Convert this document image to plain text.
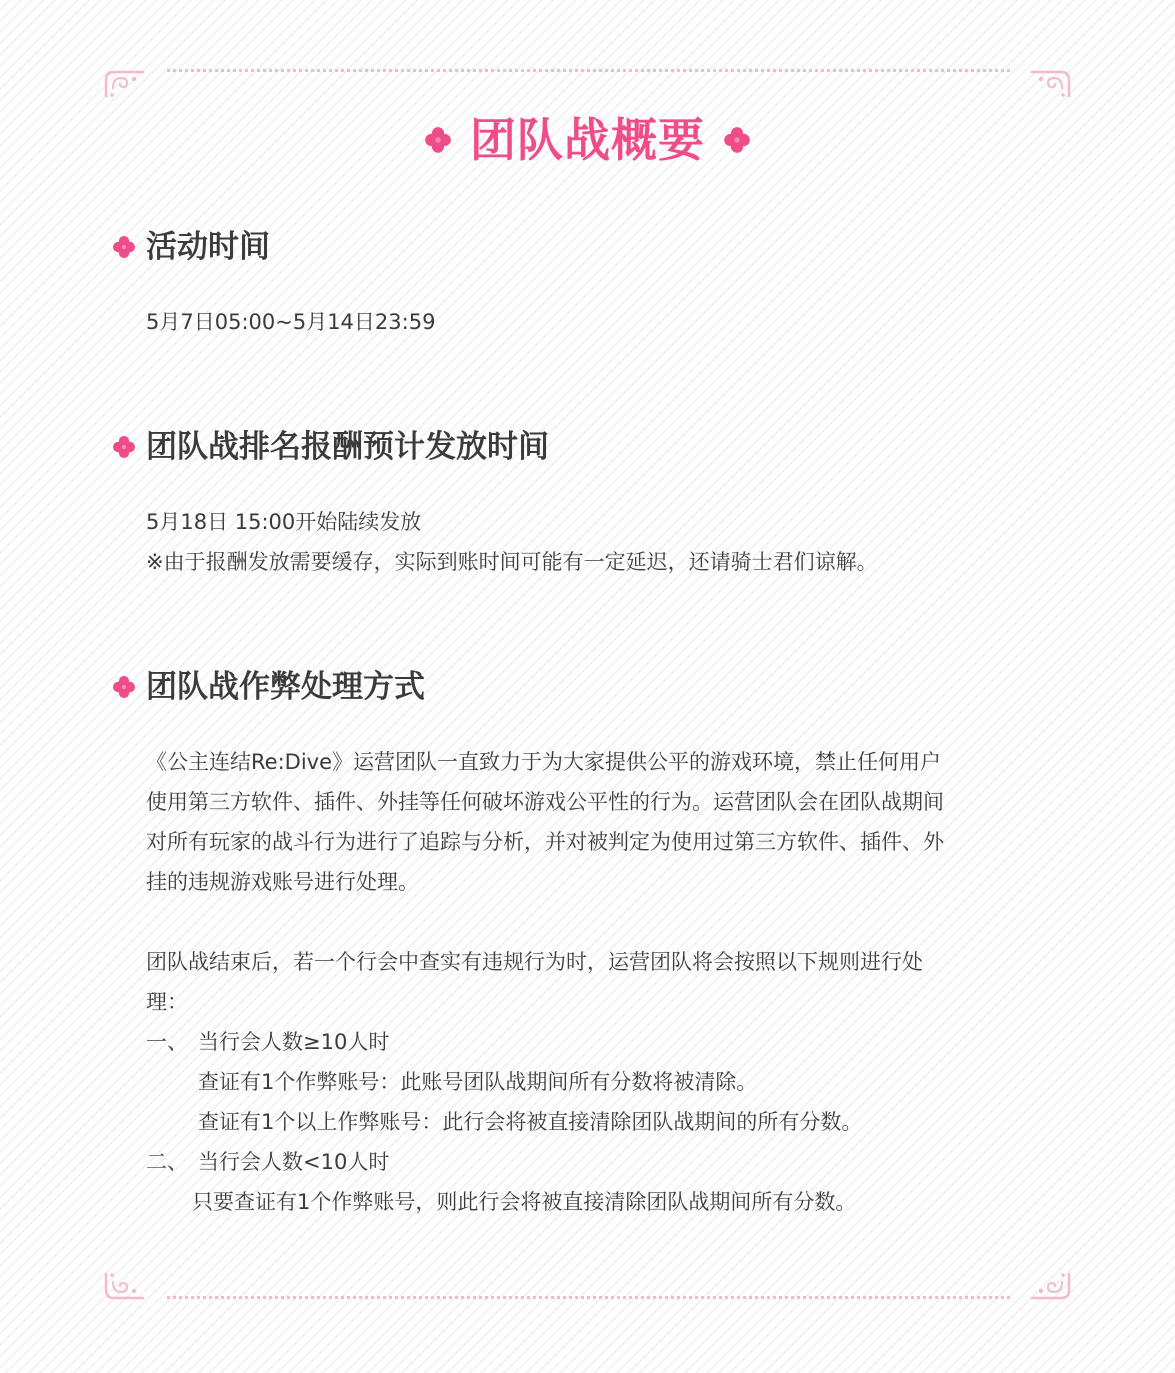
团队战概要
活动时间
5月7日05:00~5月14日23:59
团队战排名报酬预计发放时间
5月18日 15:00开始陆续发放
※由于报酬发放需要缓存，实际到账时间可能有一定延迟，还请骑士君们谅解。
团队战作弊处理方式
《公主连结Re:Dive》运营团队一直致力于为大家提供公平的游戏环境，禁止任何用户
使用第三方软件、插件、外挂等任何破坏游戏公平性的行为。运营团队会在团队战期间
对所有玩家的战斗行为进行了追踪与分析，并对被判定为使用过第三方软件、插件、外
挂的违规游戏账号进行处理。
团队战结束后，若一个行会中查实有违规行为时，运营团队将会按照以下规则进行处
理：
一、 当行会人数≥10人时
查证有1个作弊账号：此账号团队战期间所有分数将被清除。
查证有1个以上作弊账号：此行会将被直接清除团队战期间的所有分数。
二、 当行会人数<10人时
只要查证有1个作弊账号，则此行会将被直接清除团队战期间所有分数。
